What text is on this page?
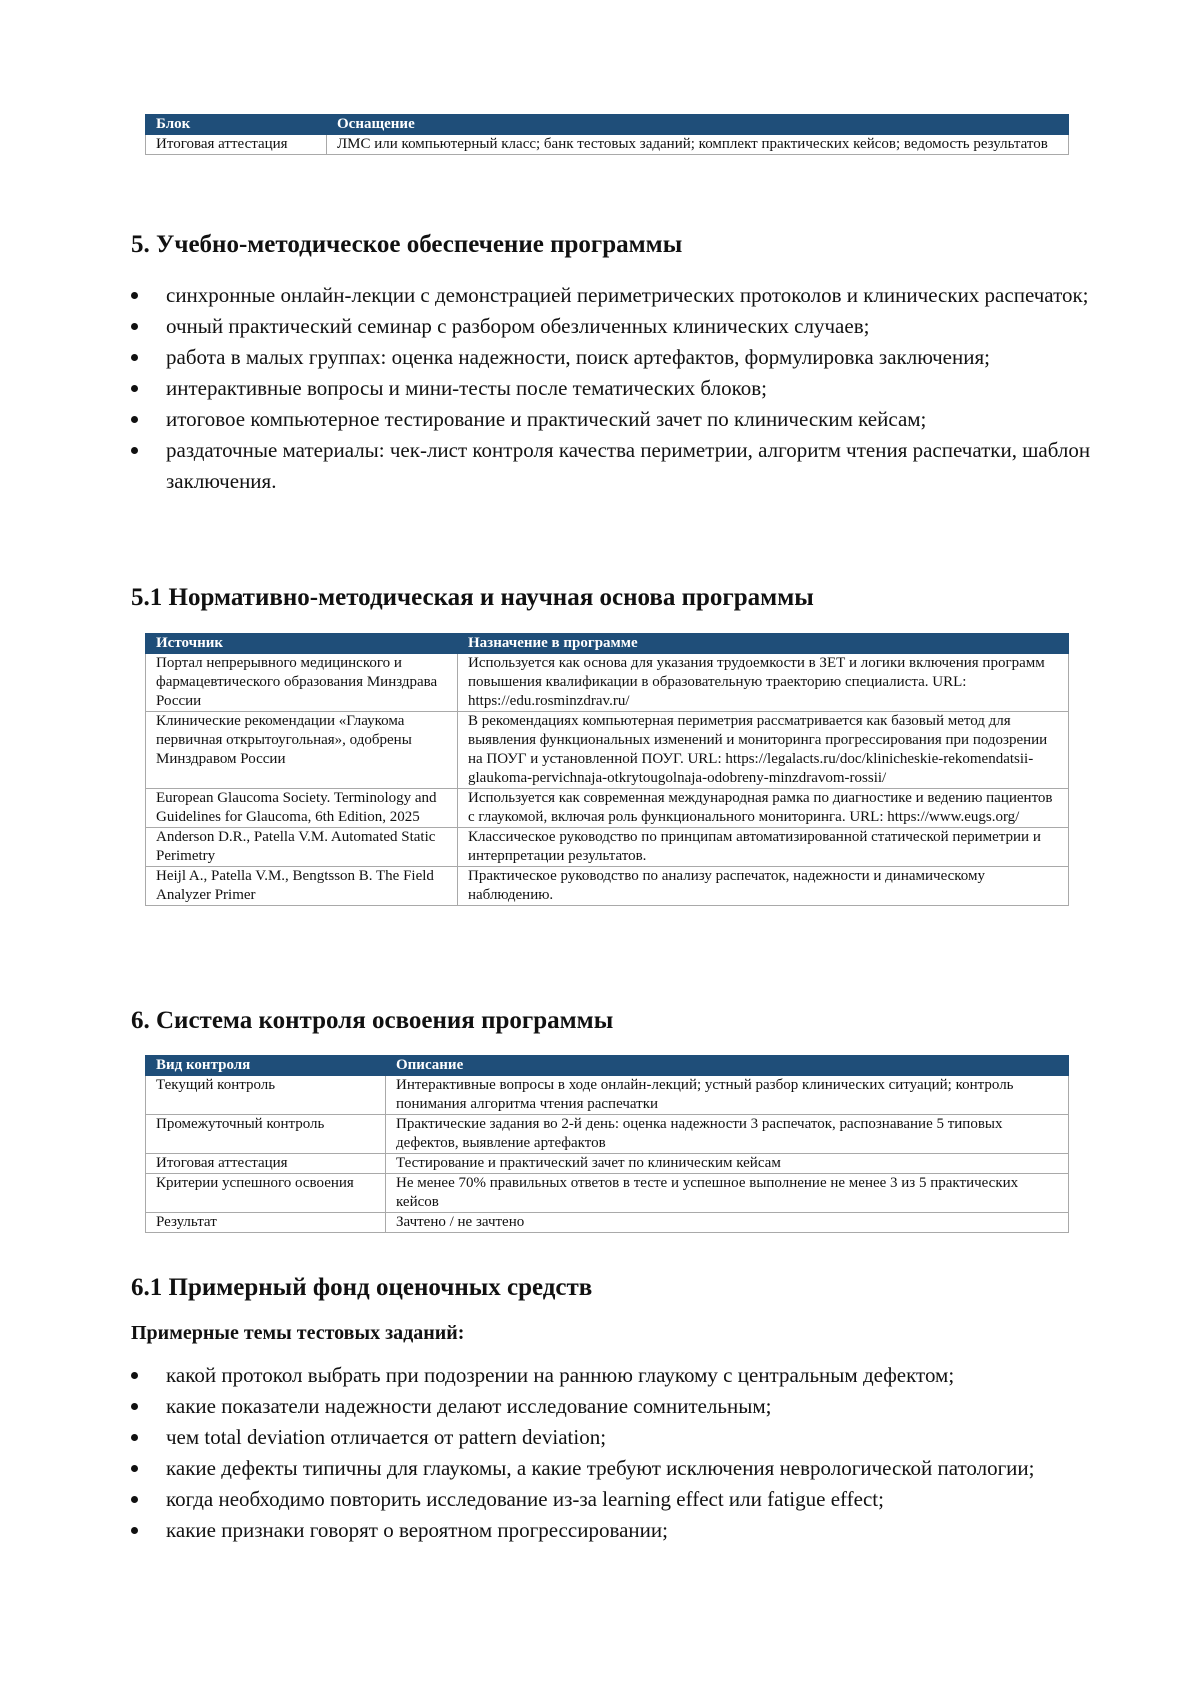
Блок	Оснащение
Итоговая аттестация	ЛМС или компьютерный класс; банк тестовых заданий; комплект практических кейсов; ведомость результатов
5. Учебно-методическое обеспечение программы
синхронные онлайн-лекции с демонстрацией периметрических протоколов и клинических распечаток;
очный практический семинар с разбором обезличенных клинических случаев;
работа в малых группах: оценка надежности, поиск артефактов, формулировка заключения;
интерактивные вопросы и мини-тесты после тематических блоков;
итоговое компьютерное тестирование и практический зачет по клиническим кейсам;
раздаточные материалы: чек-лист контроля качества периметрии, алгоритм чтения распечатки, шаблон заключения.
5.1 Нормативно-методическая и научная основа программы
Источник	Назначение в программе
Портал непрерывного медицинского и фармацевтического образования Минздрава России	Используется как основа для указания трудоемкости в ЗЕТ и логики включения программ повышения квалификации в образовательную траекторию специалиста. URL: https://edu.rosminzdrav.ru/
Клинические рекомендации «Глаукома первичная открытоугольная», одобрены Минздравом России	В рекомендациях компьютерная периметрия рассматривается как базовый метод для выявления функциональных изменений и мониторинга прогрессирования при подозрении на ПОУГ и установленной ПОУГ. URL: https://legalacts.ru/doc/klinicheskie-rekomendatsii-glaukoma-pervichnaja-otkrytougolnaja-odobreny-minzdravom-rossii/
European Glaucoma Society. Terminology and Guidelines for Glaucoma, 6th Edition, 2025	Используется как современная международная рамка по диагностике и ведению пациентов с глаукомой, включая роль функционального мониторинга. URL: https://www.eugs.org/
Anderson D.R., Patella V.M. Automated Static Perimetry	Классическое руководство по принципам автоматизированной статической периметрии и интерпретации результатов.
Heijl A., Patella V.M., Bengtsson B. The Field Analyzer Primer	Практическое руководство по анализу распечаток, надежности и динамическому наблюдению.
6. Система контроля освоения программы
Вид контроля	Описание
Текущий контроль	Интерактивные вопросы в ходе онлайн-лекций; устный разбор клинических ситуаций; контроль понимания алгоритма чтения распечатки
Промежуточный контроль	Практические задания во 2-й день: оценка надежности 3 распечаток, распознавание 5 типовых дефектов, выявление артефактов
Итоговая аттестация	Тестирование и практический зачет по клиническим кейсам
Критерии успешного освоения	Не менее 70% правильных ответов в тесте и успешное выполнение не менее 3 из 5 практических кейсов
Результат	Зачтено / не зачтено
6.1 Примерный фонд оценочных средств
Примерные темы тестовых заданий:
какой протокол выбрать при подозрении на раннюю глаукому с центральным дефектом;
какие показатели надежности делают исследование сомнительным;
чем total deviation отличается от pattern deviation;
какие дефекты типичны для глаукомы, а какие требуют исключения неврологической патологии;
когда необходимо повторить исследование из-за learning effect или fatigue effect;
какие признаки говорят о вероятном прогрессировании;
